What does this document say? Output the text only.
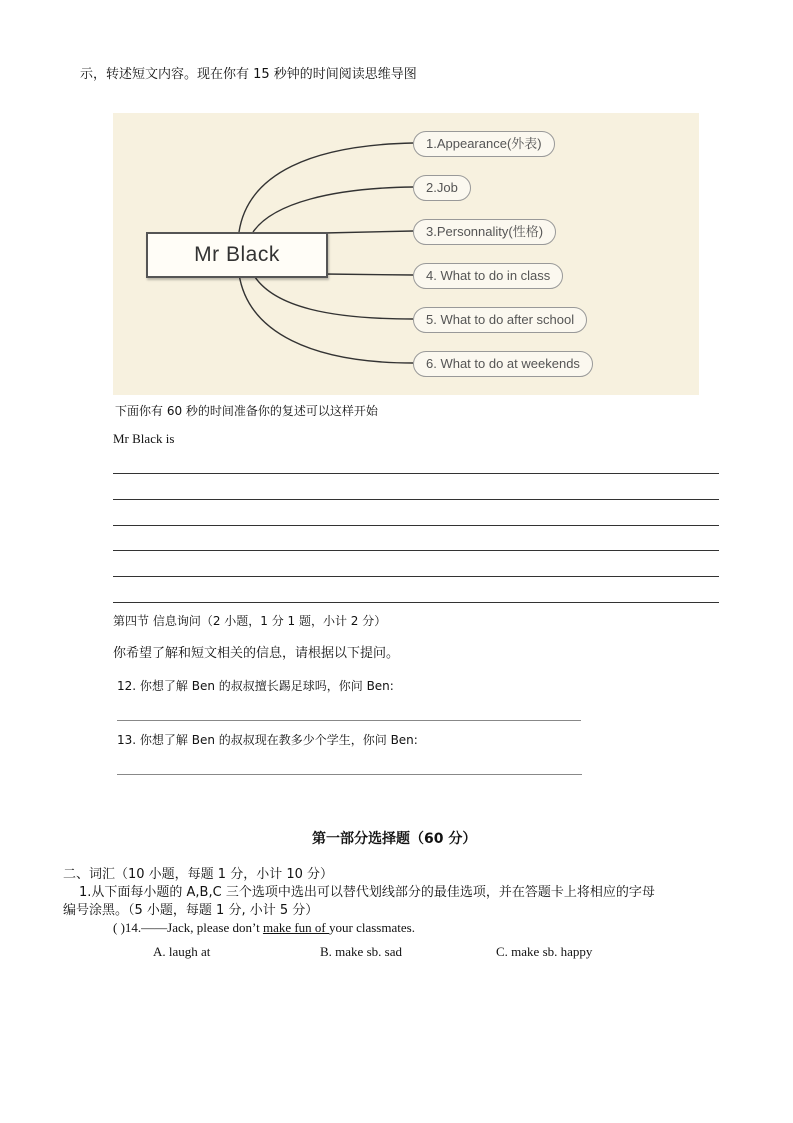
示，转述短文内容。现在你有 15 秒钟的时间阅读思维导图
Mr Black
1.Appearance(外表)
2.Job
3.Personnality(性格)
4. What to do in class
5. What to do after school
6. What to do at weekends
下面你有 60 秒的时间准备你的复述可以这样开始
Mr Black is
第四节 信息询问（2 小题，1 分 1 题，小计 2 分）
你希望了解和短文相关的信息，请根据以下提问。
12. 你想了解 Ben 的叔叔擅长踢足球吗，你问 Ben:
13. 你想了解 Ben 的叔叔现在教多少个学生，你问 Ben:
第一部分选择题（60 分）
二、词汇（10 小题，每题 1 分，小计 10 分）
1.从下面每小题的 A,B,C 三个选项中选出可以替代划线部分的最佳选项，并在答题卡上将相应的字母
编号涂黑。（5 小题，每题 1 分, 小计 5 分）
( )14.——Jack, please don’t make fun of your classmates.
A. laugh at	B. make sb. sad	C. make sb. happy
